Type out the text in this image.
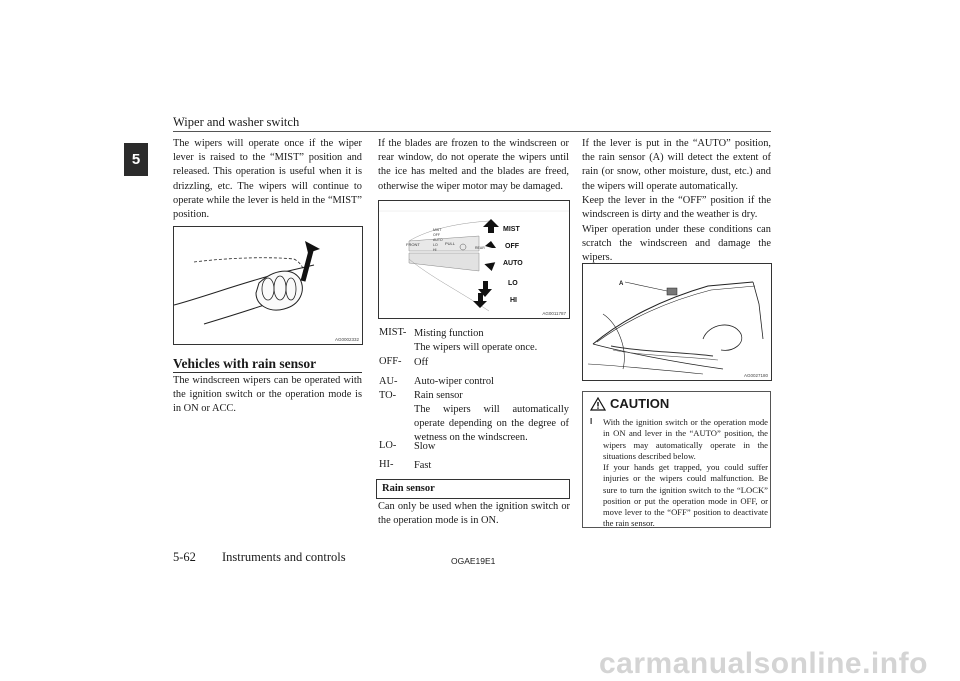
Wiper and washer switch
5
The wipers will operate once if the wiper lever is raised to the “MIST” position and released. This operation is useful when it is drizzling, etc. The wipers will continue to operate while the lever is held in the “MIST” position.
AG0002332
Vehicles with rain sensor
The windscreen wipers can be operated with the ignition switch or the operation mode is in ON or ACC.
If the blades are frozen to the windscreen or rear window, do not operate the wipers until the ice has melted and the blades are freed, otherwise the wiper motor may be damaged.
FRONT
MIST
OFF
AUTO
LO
HI
PULL
REAR
MIST
OFF
AUTO
LO
HI
AG0011787
MIST- Misting function
The wipers will operate once.
OFF- Off
AU-
TO-
Auto-wiper control
Rain sensor
The wipers will automatically operate depending on the degree of wetness on the windscreen.
LO- Slow
HI- Fast
Rain sensor
Can only be used when the ignition switch or the operation mode is in ON.
If the lever is put in the “AUTO” position, the rain sensor (A) will detect the extent of rain (or snow, other moisture, dust, etc.) and the wipers will operate automatically.
Keep the lever in the “OFF” position if the windscreen is dirty and the weather is dry.
Wiper operation under these conditions can scratch the windscreen and damage the wipers.
A
AG0027180
CAUTION
l With the ignition switch or the operation mode in ON and lever in the “AUTO” position, the wipers may automatically operate in the situations described below.
If your hands get trapped, you could suffer injuries or the wipers could malfunction. Be sure to turn the ignition switch to the “LOCK” position or put the operation mode in OFF, or move lever to the “OFF” position to deactivate the rain sensor.
5-62 Instruments and controls	OGAE19E1
carmanualsonline.info
